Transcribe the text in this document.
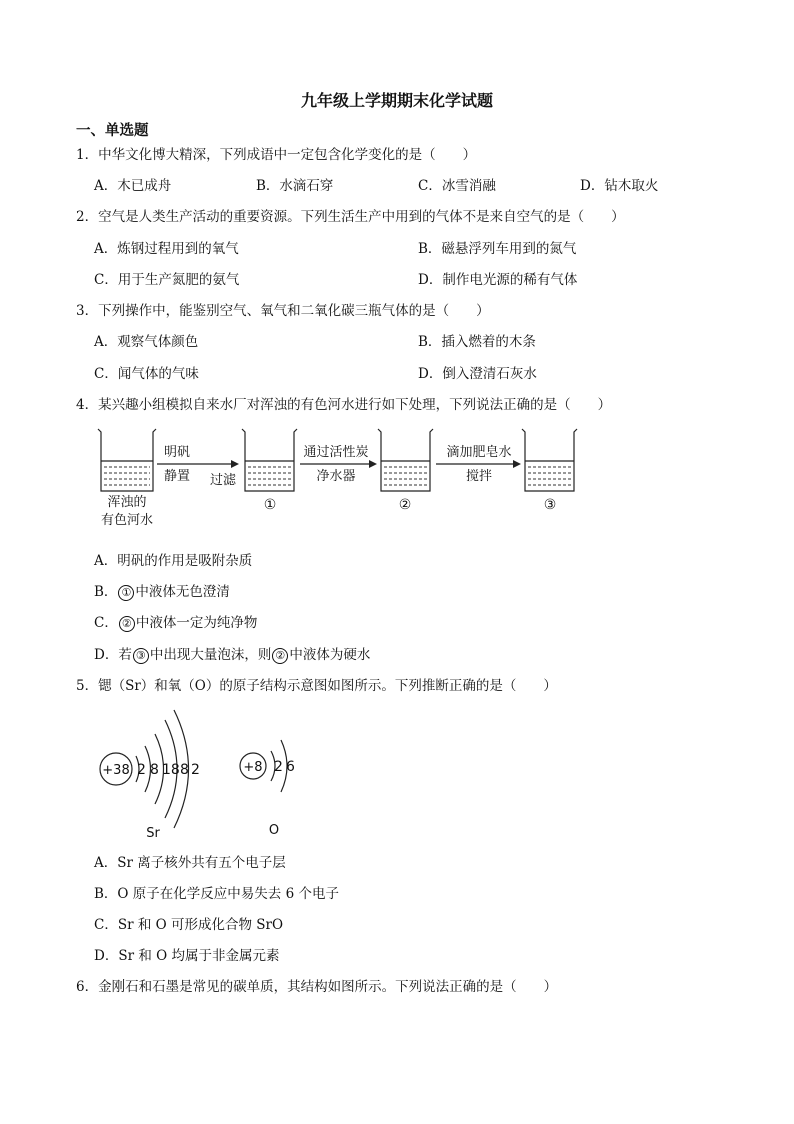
九年级上学期期末化学试题
一、单选题
1．中华文化博大精深，下列成语中一定包含化学变化的是（　　）
A．木已成舟	B．水滴石穿	C．冰雪消融	D．钻木取火
2．空气是人类生产活动的重要资源。下列生活生产中用到的气体不是来自空气的是（　　）
A．炼钢过程用到的氧气	B．磁悬浮列车用到的氮气
C．用于生产氮肥的氨气	D．制作电光源的稀有气体
3．下列操作中，能鉴别空气、氧气和二氧化碳三瓶气体的是（　　）
A．观察气体颜色	B．插入燃着的木条
C．闻气体的气味	D．倒入澄清石灰水
4．某兴趣小组模拟自来水厂对浑浊的有色河水进行如下处理，下列说法正确的是（　　）
浑浊的
有色河水
明矾
静置 过滤
通过活性炭
净水器
滴加肥皂水
搅拌
①	②	③
A．明矾的作用是吸附杂质
B． ① 中液体无色澄清
C． ② 中液体一定为纯净物
D．若 ③ 中出现大量泡沫，则 ② 中液体为硬水
5．锶（Sr）和氧（O）的原子结构示意图如图所示。下列推断正确的是（　　）
+38 2 8 18 8 2
Sr
+8 2 6
O
A．Sr 离子核外共有五个电子层
B．O 原子在化学反应中易失去 6 个电子
C．Sr 和 O 可形成化合物 SrO
D．Sr 和 O 均属于非金属元素
6．金刚石和石墨是常见的碳单质，其结构如图所示。下列说法正确的是（　　）
